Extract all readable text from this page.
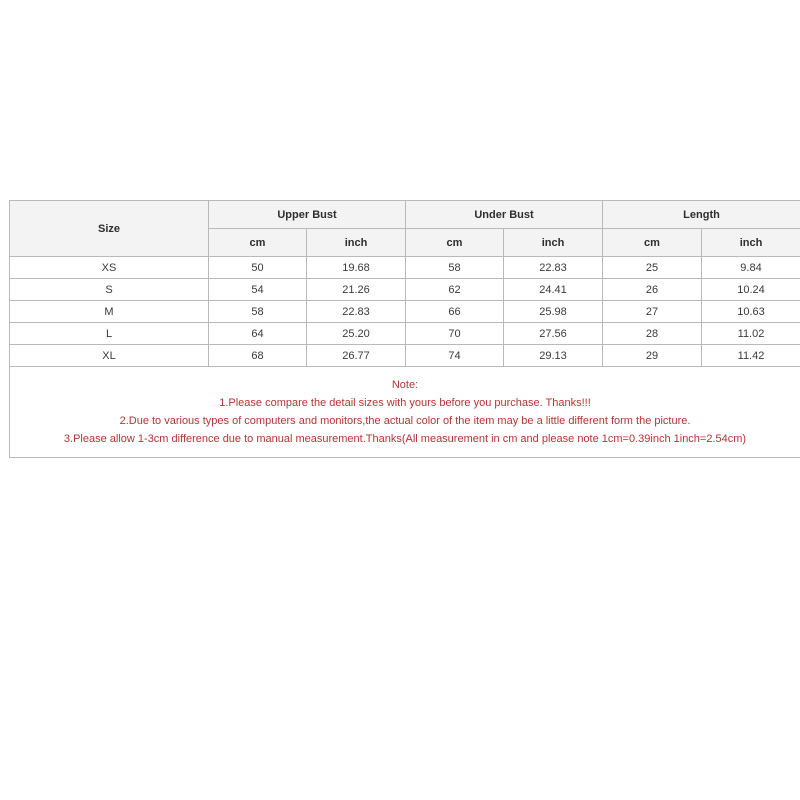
Size	Upper Bust		Under Bust		Length	
	cm	inch	cm	inch	cm	inch
XS	50	19.68	58	22.83	25	9.84
S	54	21.26	62	24.41	26	10.24
M	58	22.83	66	25.98	27	10.63
L	64	25.20	70	27.56	28	11.02
XL	68	26.77	74	29.13	29	11.42

Note:
1.Please compare the detail sizes with yours before you purchase. Thanks!!!
2.Due to various types of computers and monitors,the actual color of the item may be a little different form the picture.
3.Please allow 1-3cm difference due to manual measurement.Thanks(All measurement in cm and please note 1cm=0.39inch 1inch=2.54cm)						
